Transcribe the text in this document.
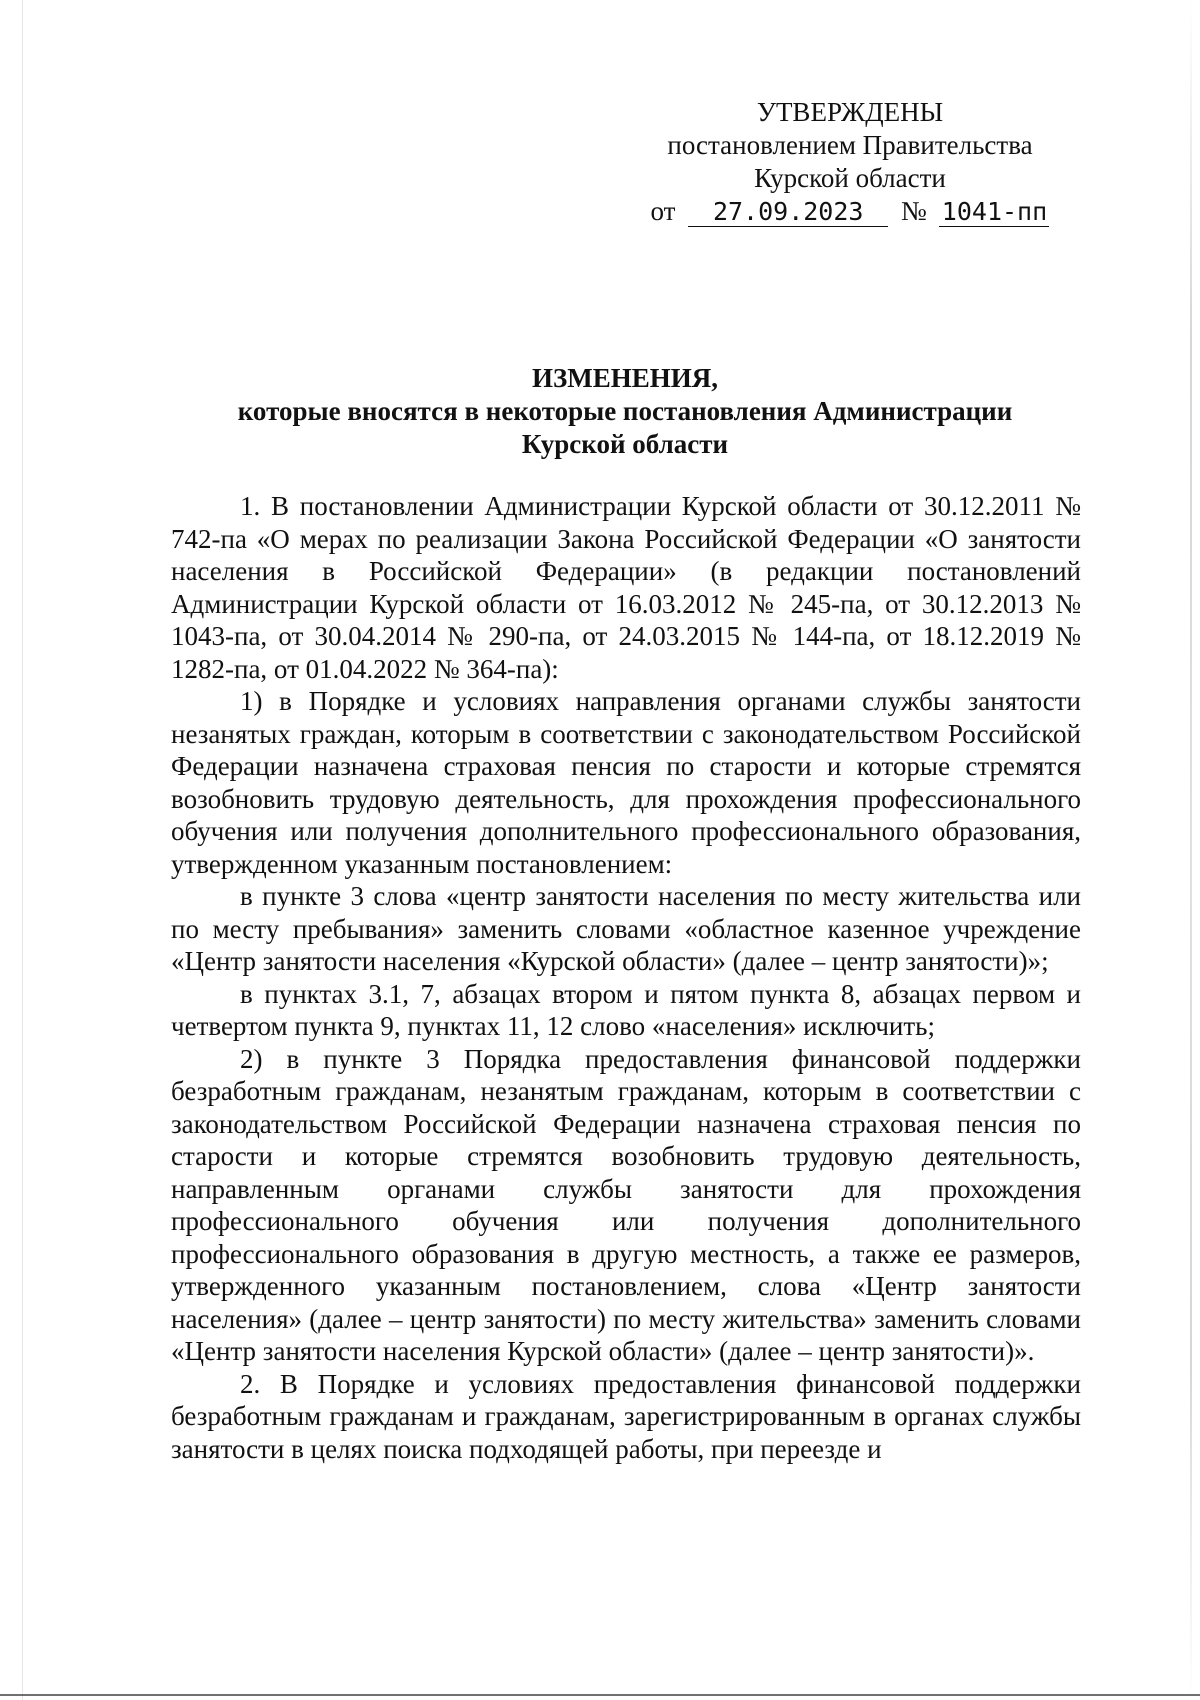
УТВЕРЖДЕНЫ
постановлением Правительства
Курской области
от 27.09.2023 № 1041-пп
ИЗМЕНЕНИЯ,
которые вносятся в некоторые постановления Администрации
Курской области

1. В постановлении Администрации Курской области от 30.12.2011 № 742-па «О мерах по реализации Закона Российской Федерации «О занятости населения в Российской Федерации» (в редакции постановлений Администрации Курской области от 16.03.2012 № 245-па, от 30.12.2013 № 1043-па, от 30.04.2014 № 290-па, от 24.03.2015 № 144-па, от 18.12.2019 № 1282-па, от 01.04.2022 № 364-па):

1) в Порядке и условиях направления органами службы занятости незанятых граждан, которым в соответствии с законодательством Российской Федерации назначена страховая пенсия по старости и которые стремятся возобновить трудовую деятельность, для прохождения профессионального обучения или получения дополнительного профессионального образования, утвержденном указанным постановлением:

в пункте 3 слова «центр занятости населения по месту жительства или по месту пребывания» заменить словами «областное казенное учреждение «Центр занятости населения «Курской области» (далее – центр занятости)»;

в пунктах 3.1, 7, абзацах втором и пятом пункта 8, абзацах первом и четвертом пункта 9, пунктах 11, 12 слово «населения» исключить;

2) в пункте 3 Порядка предоставления финансовой поддержки безработным гражданам, незанятым гражданам, которым в соответствии с законодательством Российской Федерации назначена страховая пенсия по старости и которые стремятся возобновить трудовую деятельность, направленным органами службы занятости для прохождения профессионального обучения или получения дополнительного профессионального образования в другую местность, а также ее размеров, утвержденного указанным постановлением, слова «Центр занятости населения» (далее – центр занятости) по месту жительства» заменить словами «Центр занятости населения Курской области» (далее – центр занятости)».

2. В Порядке и условиях предоставления финансовой поддержки безработным гражданам и гражданам, зарегистрированным в органах службы занятости в целях поиска подходящей работы, при переезде и
